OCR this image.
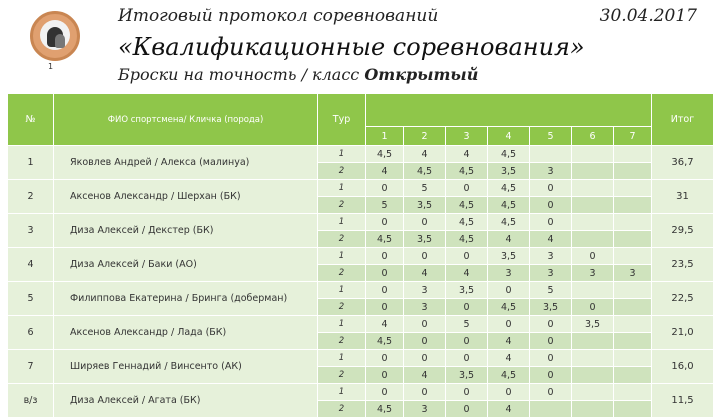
1
Итоговый протокол соревнований	30.04.2017
«Квалификационные соревнования»
Броски на точность / класс Открытый
№	ФИО спортсмена/ Кличка (порода)	Тур								Итог
			1	2	3	4	5	6	7	
1	Яковлев Андрей / Алекса (малинуа)	1	4,5	4	4	4,5				36,7
		2	4	4,5	4,5	3,5	3			
2	Аксенов Александр / Шерхан (БК)	1	0	5	0	4,5	0			31
		2	5	3,5	4,5	4,5	0			
3	Диза Алексей / Декстер (БК)	1	0	0	4,5	4,5	0			29,5
		2	4,5	3,5	4,5	4	4			
4	Диза Алексей / Баки (АО)	1	0	0	0	3,5	3	0		23,5
		2	0	4	4	3	3	3	3	
5	Филиппова Екатерина / Бринга (доберман)	1	0	3	3,5	0	5			22,5
		2	0	3	0	4,5	3,5	0		
6	Аксенов Александр / Лада (БК)	1	4	0	5	0	0	3,5		21,0
		2	4,5	0	0	4	0			
7	Ширяев Геннадий / Винсенто (АК)	1	0	0	0	4	0			16,0
		2	0	4	3,5	4,5	0			
в/з	Диза Алексей / Агата (БК)	1	0	0	0	0	0			11,5
		2	4,5	3	0	4				
